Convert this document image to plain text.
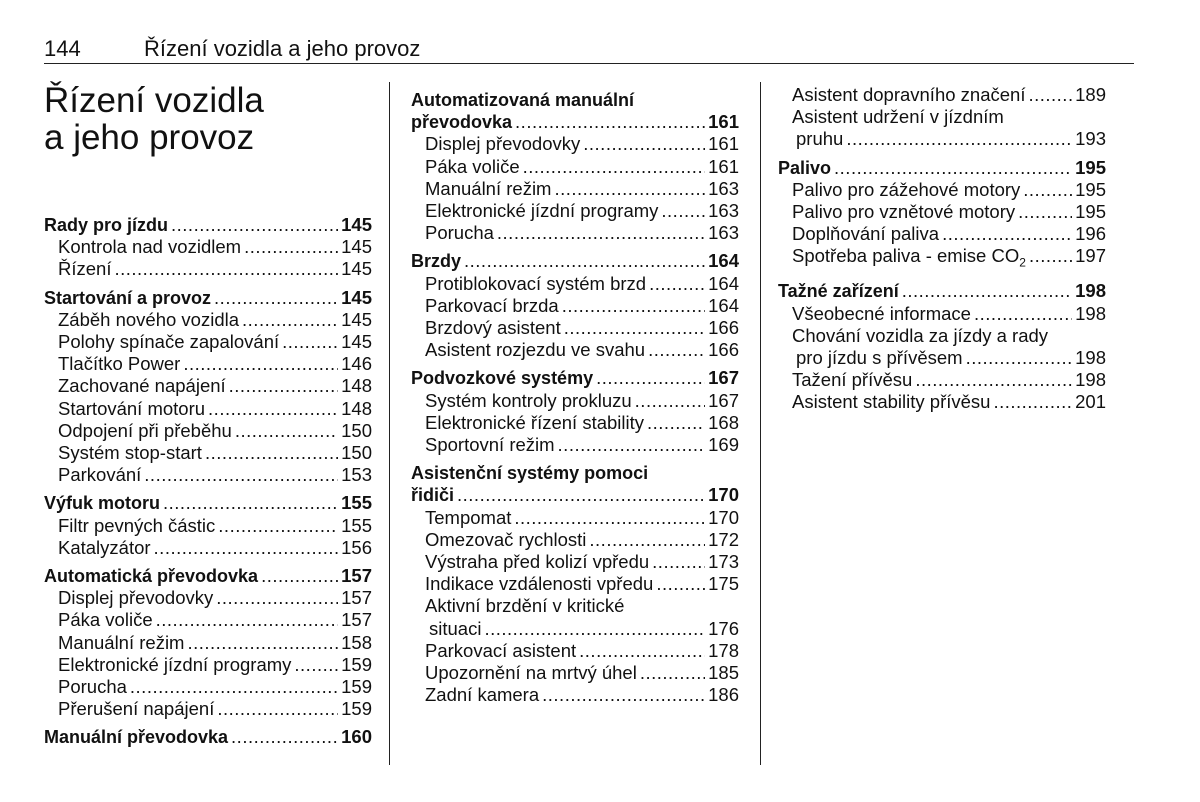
144	Řízení vozidla a jeho provoz
Řízení vozidla
a jeho provoz
Rady pro jízdu .....	145
Kontrola nad vozidlem .....	145
Řízení .....	145
Startování a provoz .....	145
Záběh nového vozidla .....	145
Polohy spínače zapalování .....	145
Tlačítko Power .....	146
Zachované napájení .....	148
Startování motoru .....	148
Odpojení při přeběhu .....	150
Systém stop-start .....	150
Parkování .....	153
Výfuk motoru .....	155
Filtr pevných částic .....	155
Katalyzátor .....	156
Automatická převodovka .....	157
Displej převodovky .....	157
Páka voliče .....	157
Manuální režim .....	158
Elektronické jízdní programy .....	159
Porucha .....	159
Přerušení napájení .....	159
Manuální převodovka .....	160
Automatizovaná manuální
převodovka .....	161
Displej převodovky .....	161
Páka voliče .....	161
Manuální režim .....	163
Elektronické jízdní programy .....	163
Porucha .....	163
Brzdy .....	164
Protiblokovací systém brzd .....	164
Parkovací brzda .....	164
Brzdový asistent .....	166
Asistent rozjezdu ve svahu .....	166
Podvozkové systémy .....	167
Systém kontroly prokluzu .....	167
Elektronické řízení stability .....	168
Sportovní režim .....	169
Asistenční systémy pomoci
řidiči .....	170
Tempomat .....	170
Omezovač rychlosti .....	172
Výstraha před kolizí vpředu .....	173
Indikace vzdálenosti vpředu .....	175
Aktivní brzdění v kritické
situaci .....	176
Parkovací asistent .....	178
Upozornění na mrtvý úhel .....	185
Zadní kamera .....	186
Asistent dopravního značení .....	189
Asistent udržení v jízdním
pruhu .....	193
Palivo .....	195
Palivo pro zážehové motory .....	195
Palivo pro vznětové motory .....	195
Doplňování paliva .....	196
Spotřeba paliva - emise $CO_2$ .....	197
Tažné zařízení .....	198
Všeobecné informace .....	198
Chování vozidla za jízdy a rady
pro jízdu s přívěsem .....	198
Tažení přívěsu .....	198
Asistent stability přívěsu .....	201
